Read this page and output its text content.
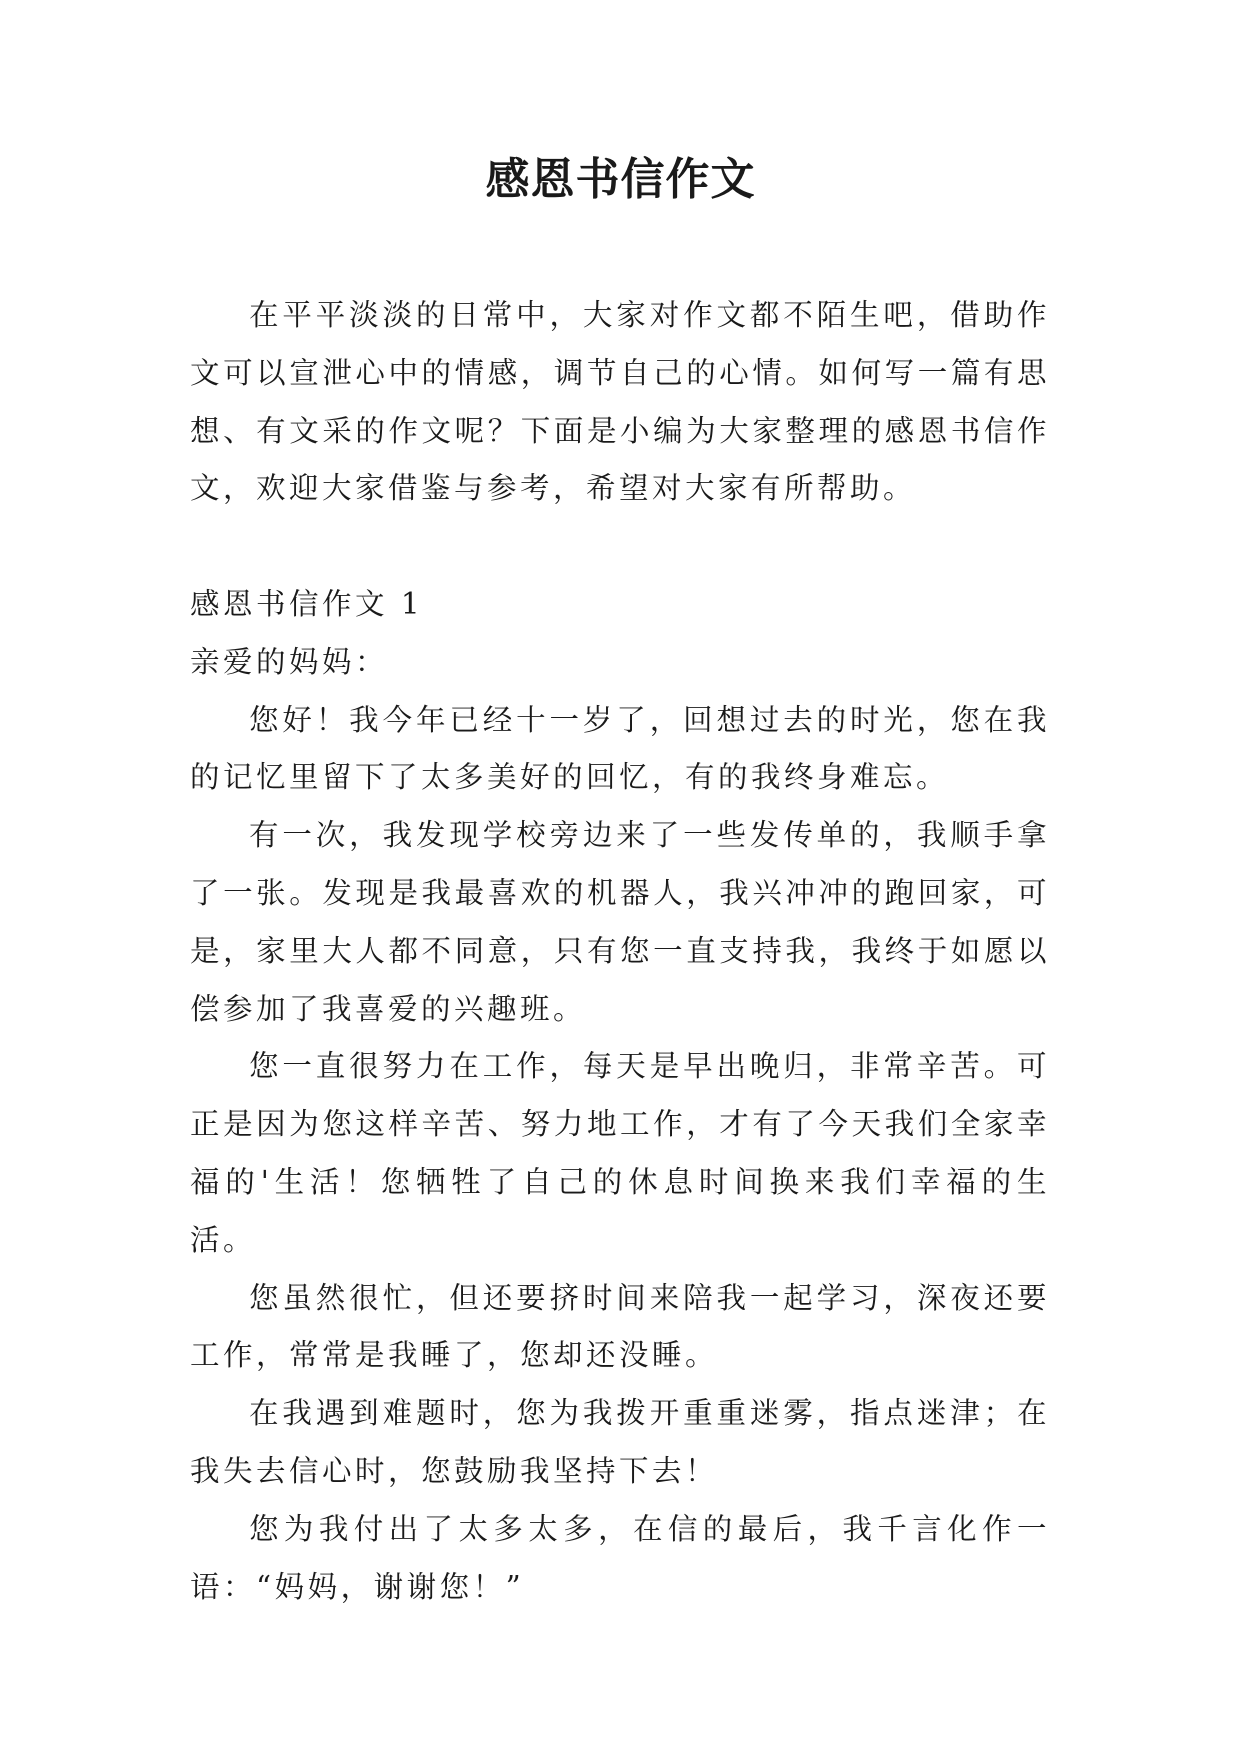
感恩书信作文

在平平淡淡的日常中，大家对作文都不陌生吧，借助作文可以宣泄心中的情感，调节自己的心情。如何写一篇有思想、有文采的作文呢？下面是小编为大家整理的感恩书信作文，欢迎大家借鉴与参考，希望对大家有所帮助。

感恩书信作文 1

亲爱的妈妈：

您好！我今年已经十一岁了，回想过去的时光，您在我的记忆里留下了太多美好的回忆，有的我终身难忘。

有一次，我发现学校旁边来了一些发传单的，我顺手拿了一张。发现是我最喜欢的机器人，我兴冲冲的跑回家，可是，家里大人都不同意，只有您一直支持我，我终于如愿以偿参加了我喜爱的兴趣班。

您一直很努力在工作，每天是早出晚归，非常辛苦。可正是因为您这样辛苦、努力地工作，才有了今天我们全家幸福的'生活！您牺牲了自己的休息时间换来我们幸福的生活。

您虽然很忙，但还要挤时间来陪我一起学习，深夜还要工作，常常是我睡了，您却还没睡。

在我遇到难题时，您为我拨开重重迷雾，指点迷津；在我失去信心时，您鼓励我坚持下去！

您为我付出了太多太多，在信的最后，我千言化作一语：“妈妈，谢谢您！”
